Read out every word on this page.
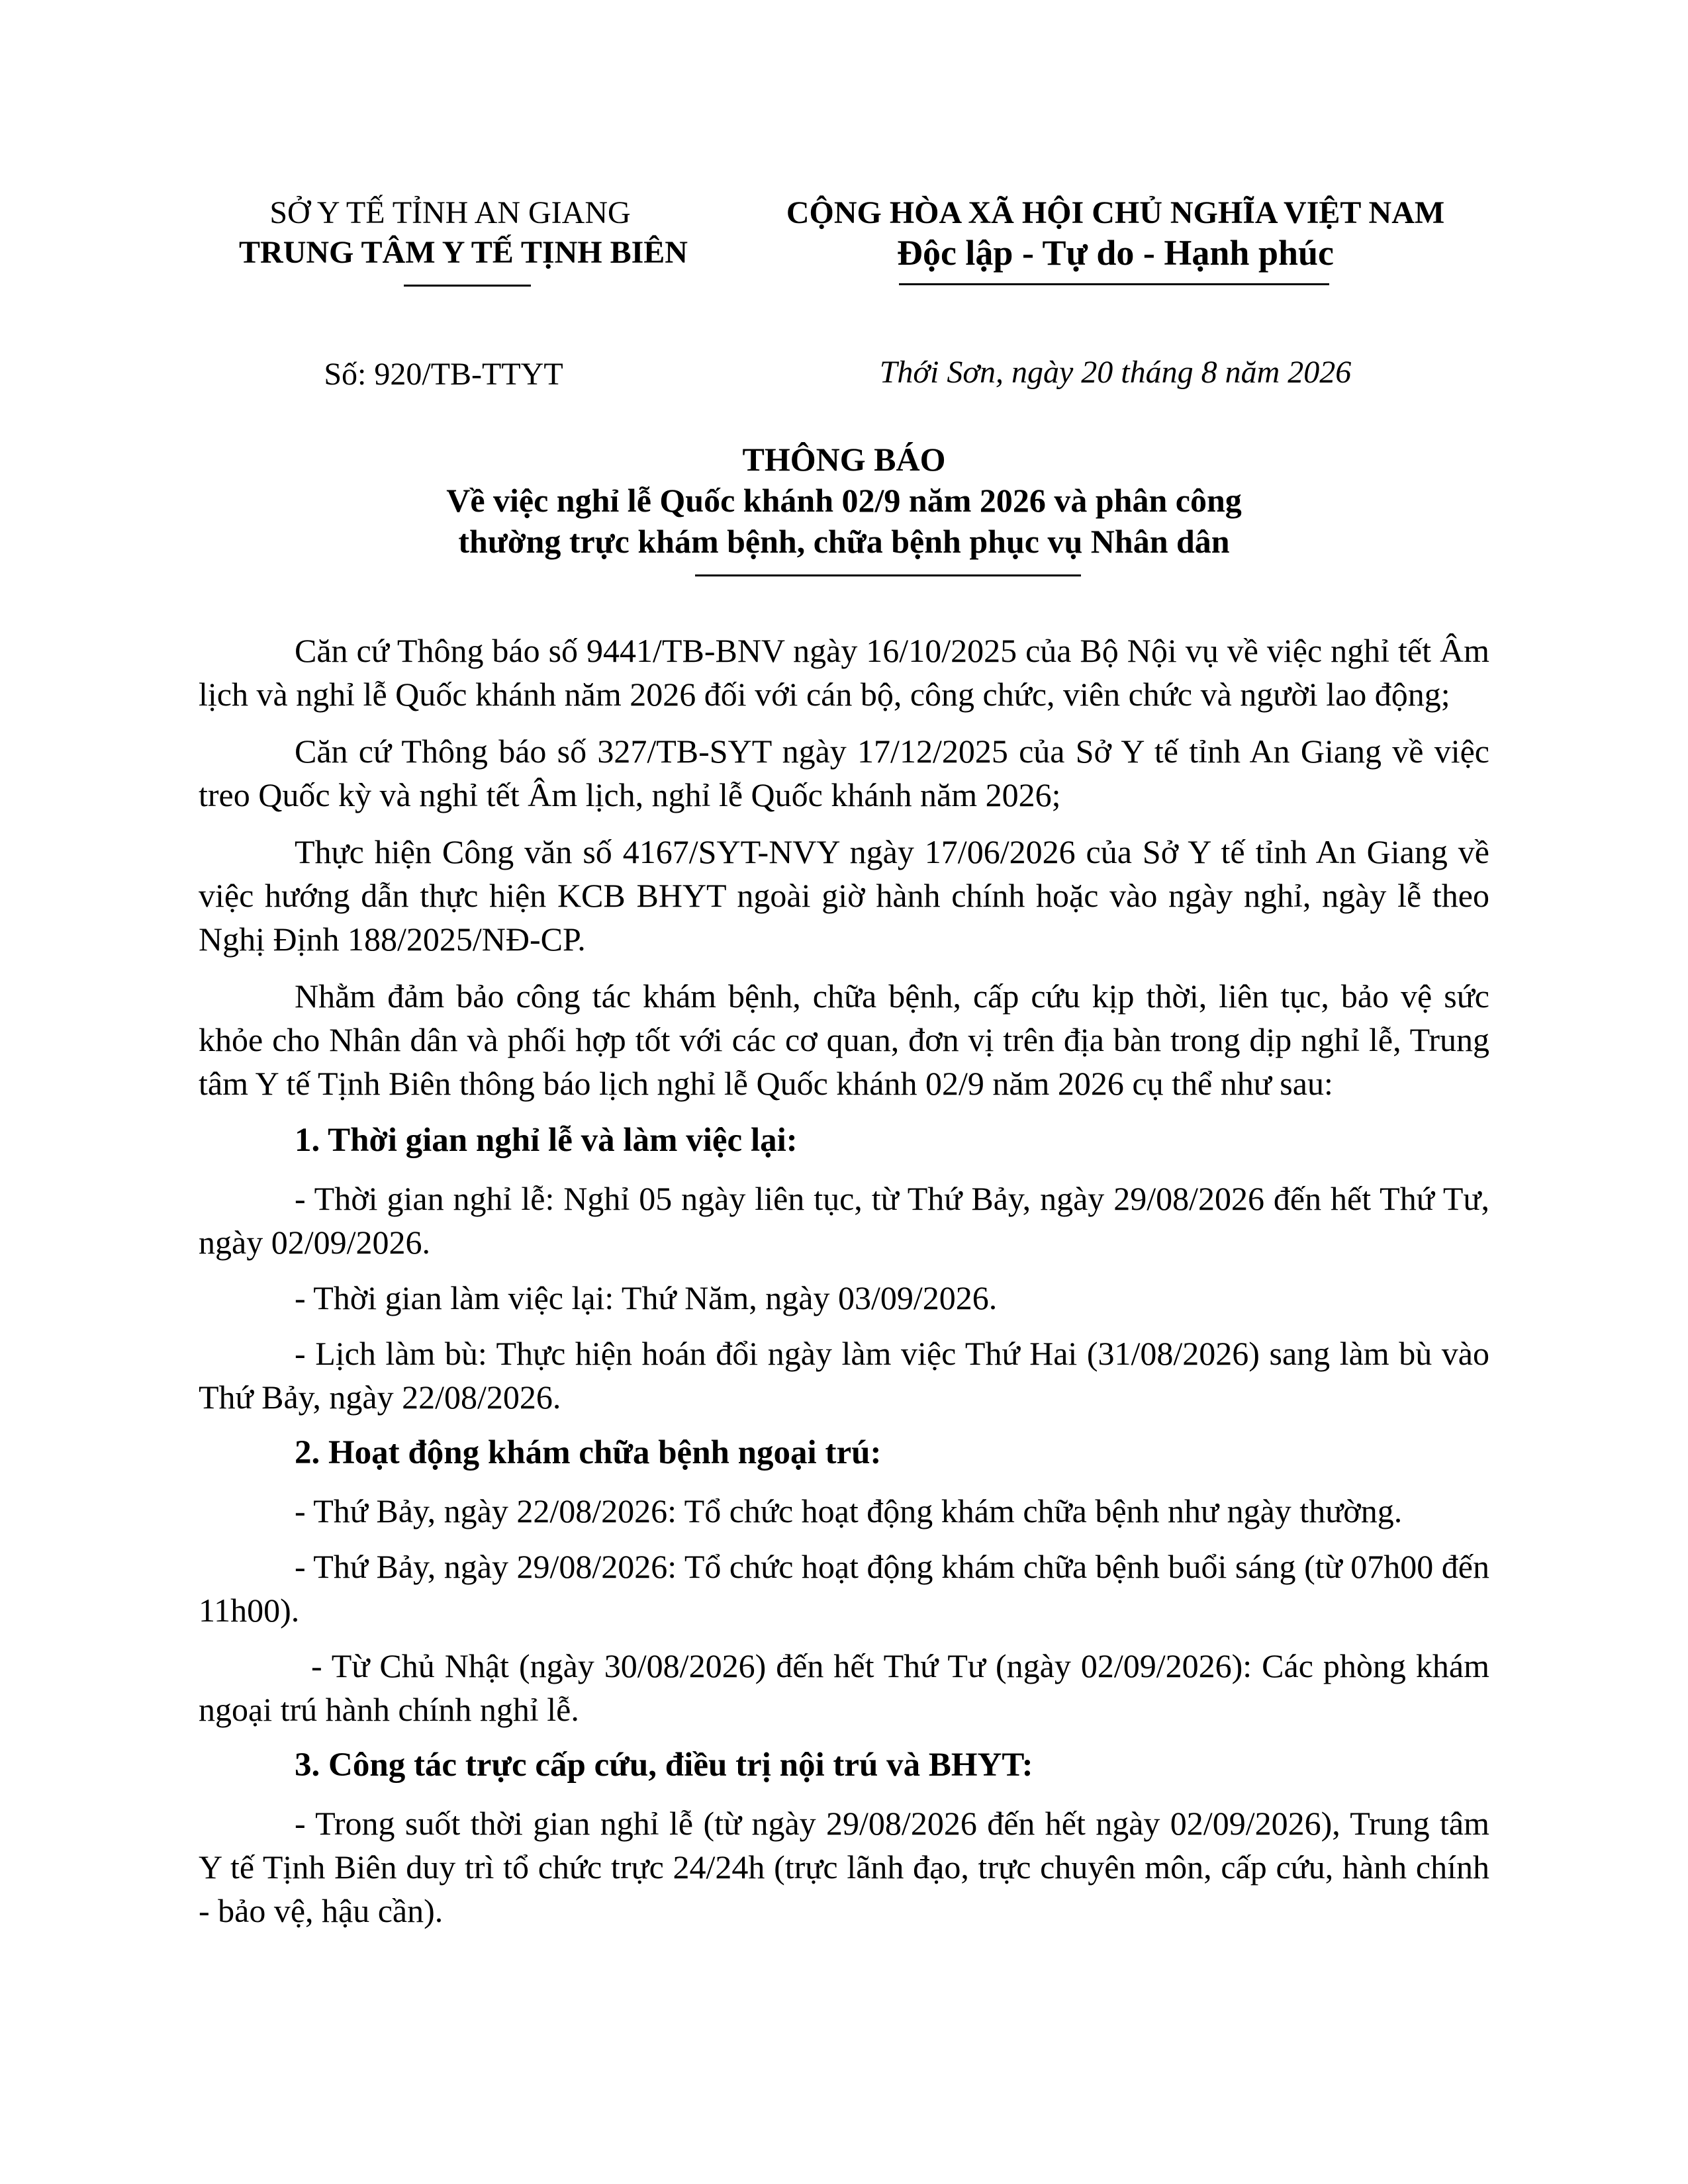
SỞ Y TẾ TỈNH AN GIANG
TRUNG TÂM Y TẾ TỊNH BIÊN
CỘNG HÒA XÃ HỘI CHỦ NGHĨA VIỆT NAM
Độc lập - Tự do - Hạnh phúc
Số: 920/TB-TTYT	Thới Sơn, ngày 20 tháng 8 năm 2026
THÔNG BÁO
Về việc nghỉ lễ Quốc khánh 02/9 năm 2026 và phân công
thường trực khám bệnh, chữa bệnh phục vụ Nhân dân

Căn cứ Thông báo số 9441/TB-BNV ngày 16/10/2025 của Bộ Nội vụ về việc nghỉ tết Âm lịch và nghỉ lễ Quốc khánh năm 2026 đối với cán bộ, công chức, viên chức và người lao động;

Căn cứ Thông báo số 327/TB-SYT ngày 17/12/2025 của Sở Y tế tỉnh An Giang về việc treo Quốc kỳ và nghỉ tết Âm lịch, nghỉ lễ Quốc khánh năm 2026;

Thực hiện Công văn số 4167/SYT-NVY ngày 17/06/2026 của Sở Y tế tỉnh An Giang về việc hướng dẫn thực hiện KCB BHYT ngoài giờ hành chính hoặc vào ngày nghỉ, ngày lễ theo Nghị Định 188/2025/NĐ-CP.

Nhằm đảm bảo công tác khám bệnh, chữa bệnh, cấp cứu kịp thời, liên tục, bảo vệ sức khỏe cho Nhân dân và phối hợp tốt với các cơ quan, đơn vị trên địa bàn trong dịp nghỉ lễ, Trung tâm Y tế Tịnh Biên thông báo lịch nghỉ lễ Quốc khánh 02/9 năm 2026 cụ thể như sau:

1. Thời gian nghỉ lễ và làm việc lại:

- Thời gian nghỉ lễ: Nghỉ 05 ngày liên tục, từ Thứ Bảy, ngày 29/08/2026 đến hết Thứ Tư, ngày 02/09/2026.

- Thời gian làm việc lại: Thứ Năm, ngày 03/09/2026.

- Lịch làm bù: Thực hiện hoán đổi ngày làm việc Thứ Hai (31/08/2026) sang làm bù vào Thứ Bảy, ngày 22/08/2026.

2. Hoạt động khám chữa bệnh ngoại trú:

- Thứ Bảy, ngày 22/08/2026: Tổ chức hoạt động khám chữa bệnh như ngày thường.

- Thứ Bảy, ngày 29/08/2026: Tổ chức hoạt động khám chữa bệnh buổi sáng (từ 07h00 đến 11h00).

- Từ Chủ Nhật (ngày 30/08/2026) đến hết Thứ Tư (ngày 02/09/2026): Các phòng khám ngoại trú hành chính nghỉ lễ.

3. Công tác trực cấp cứu, điều trị nội trú và BHYT:

- Trong suốt thời gian nghỉ lễ (từ ngày 29/08/2026 đến hết ngày 02/09/2026), Trung tâm Y tế Tịnh Biên duy trì tổ chức trực 24/24h (trực lãnh đạo, trực chuyên môn, cấp cứu, hành chính - bảo vệ, hậu cần).
